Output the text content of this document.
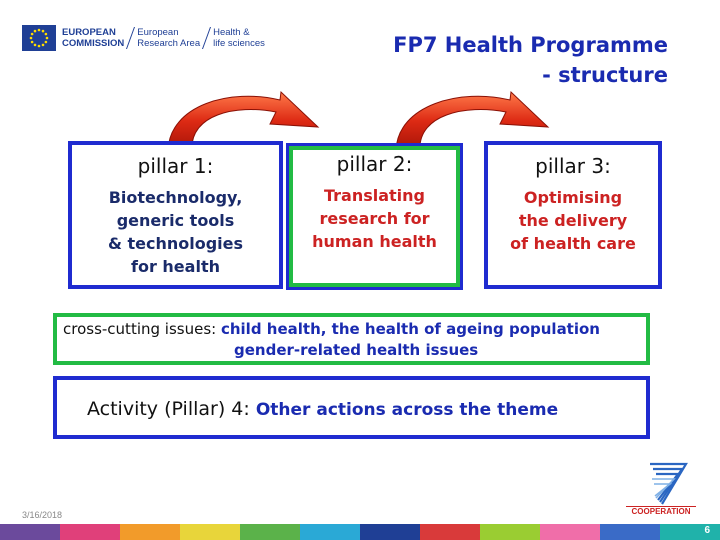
EUROPEAN
COMMISSION
European
Research Area
Health &
life sciences	FP7 Health Programme
- structure
pillar 1:
Biotechnology,
generic tools
& technologies
for health
pillar 2:
Translating
research for
human health
pillar 3:
Optimising
the delivery
of health care
cross-cutting issues: child health, the health of ageing population
gender-related health issues
Activity (Pillar) 4: Other actions across the theme
3/16/2018	COOPERATION
6
